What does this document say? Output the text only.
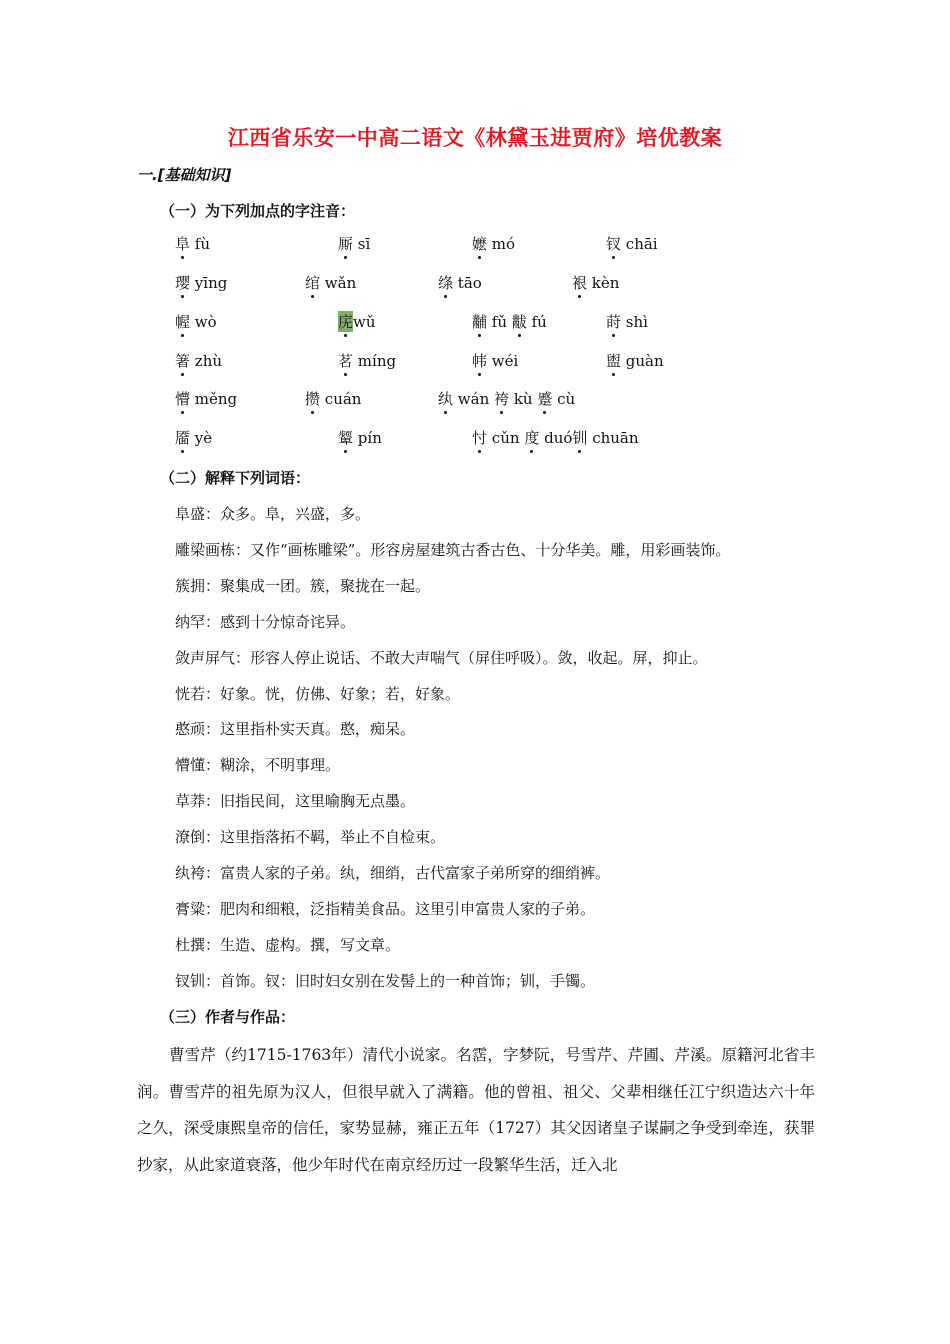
江西省乐安一中高二语文《林黛玉进贾府》培优教案
一.[基础知识]
（一）为下列加点的字注音：
阜 fù	厮 sī	嬷 mó	钗 chāi
璎 yīng	绾 wǎn	绦 tāo	裉 kèn
幄 wò	庑wǔ	黼 fǔ 黻 fú	莳 shì
箸 zhù	茗 míng	帏 wéi	盥 guàn
懵 měng	攒 cuán	纨 wán 袴 kù 蹙 cù
靥 yè	颦 pín	忖 cǔn 度 duó钏 chuān
（二）解释下列词语：
阜盛：众多。阜，兴盛，多。
雕梁画栋：又作“画栋雕梁”。形容房屋建筑古香古色、十分华美。雕，用彩画装饰。
簇拥：聚集成一团。簇，聚拢在一起。
纳罕：感到十分惊奇诧异。
敛声屏气：形容人停止说话、不敢大声喘气（屏住呼吸）。敛，收起。屏，抑止。
恍若：好象。恍，仿佛、好象；若，好象。
憨顽：这里指朴实天真。憨，痴呆。
懵懂：糊涂，不明事理。
草莽：旧指民间，这里喻胸无点墨。
潦倒：这里指落拓不羁，举止不自检束。
纨袴：富贵人家的子弟。纨，细绡，古代富家子弟所穿的细绡裤。
膏粱：肥肉和细粮，泛指精美食品。这里引申富贵人家的子弟。
杜撰：生造、虚构。撰，写文章。
钗钏：首饰。钗：旧时妇女别在发髻上的一种首饰；钏，手镯。
（三）作者与作品：
曹雪芹（约1715-1763年）清代小说家。名霑，字梦阮，号雪芹、芹圃、芹溪。原籍河北省丰润。曹雪芹的祖先原为汉人，但很早就入了满籍。他的曾祖、祖父、父辈相继任江宁织造达六十年之久，深受康熙皇帝的信任，家势显赫，雍正五年（1727）其父因诸皇子谋嗣之争受到牵连，获罪抄家，从此家道衰落，他少年时代在南京经历过一段繁华生活，迁入北
